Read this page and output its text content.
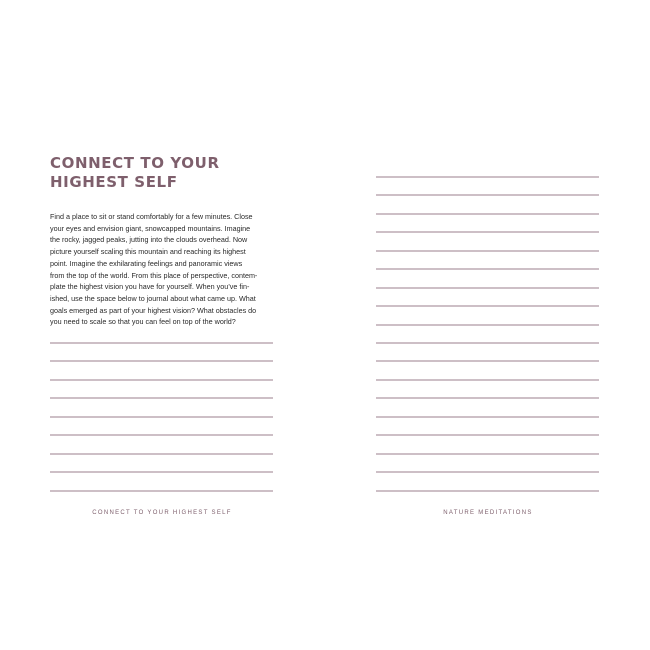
CONNECT TO YOUR
HIGHEST SELF

Find a place to sit or stand comfortably for a few minutes. Close
your eyes and envision giant, snowcapped mountains. Imagine
the rocky, jagged peaks, jutting into the clouds overhead. Now
picture yourself scaling this mountain and reaching its highest
point. Imagine the exhilarating feelings and panoramic views
from the top of the world. From this place of perspective, contem-
plate the highest vision you have for yourself. When you’ve fin-
ished, use the space below to journal about what came up. What
goals emerged as part of your highest vision? What obstacles do
you need to scale so that you can feel on top of the world?

CONNECT TO YOUR HIGHEST SELF	NATURE MEDITATIONS
